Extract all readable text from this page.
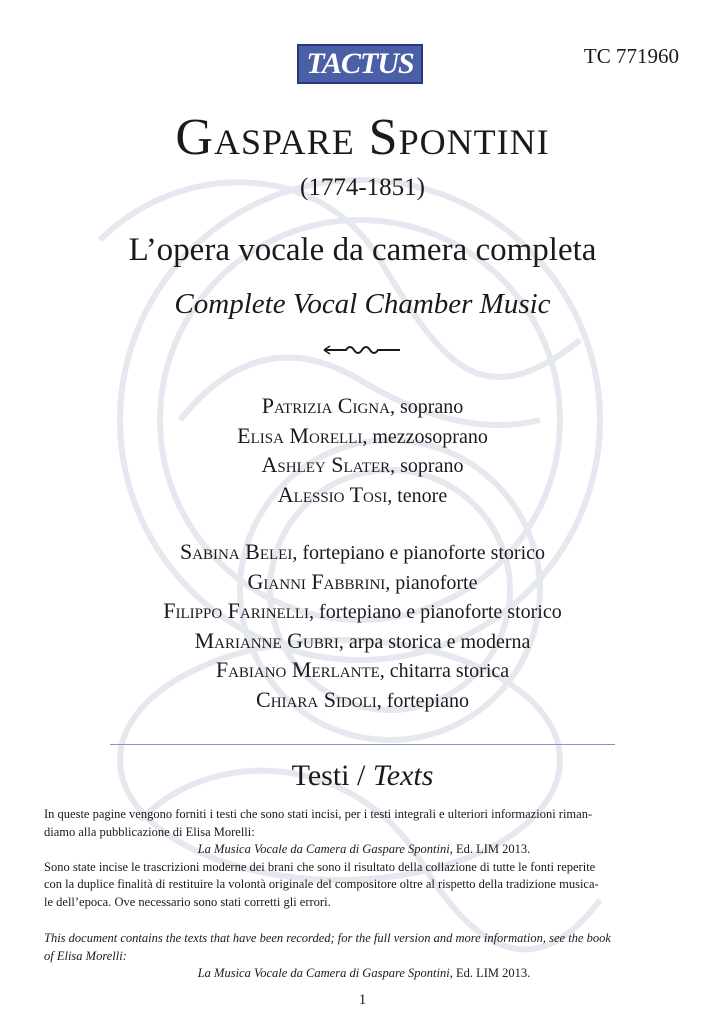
TACTUS	TC 771960
Gaspare Spontini
(1774-1851)
L’opera vocale da camera completa
Complete Vocal Chamber Music
Patrizia Cigna, soprano
Elisa Morelli, mezzosoprano
Ashley Slater, soprano
Alessio Tosi, tenore
Sabina Belei, fortepiano e pianoforte storico
Gianni Fabbrini, pianoforte
Filippo Farinelli, fortepiano e pianoforte storico
Marianne Gubri, arpa storica e moderna
Fabiano Merlante, chitarra storica
Chiara Sidoli, fortepiano
Testi / Texts
In queste pagine vengono forniti i testi che sono stati incisi, per i testi integrali e ulteriori informazioni riman-
diamo alla pubblicazione di Elisa Morelli:
La Musica Vocale da Camera di Gaspare Spontini, Ed. LIM 2013.
Sono state incise le trascrizioni moderne dei brani che sono il risultato della collazione di tutte le fonti reperite
con la duplice finalità di restituire la volontà originale del compositore oltre al rispetto della tradizione musica-
le dell’epoca. Ove necessario sono stati corretti gli errori.
This document contains the texts that have been recorded; for the full version and more information, see the book
of Elisa Morelli:
La Musica Vocale da Camera di Gaspare Spontini, Ed. LIM 2013.
1
